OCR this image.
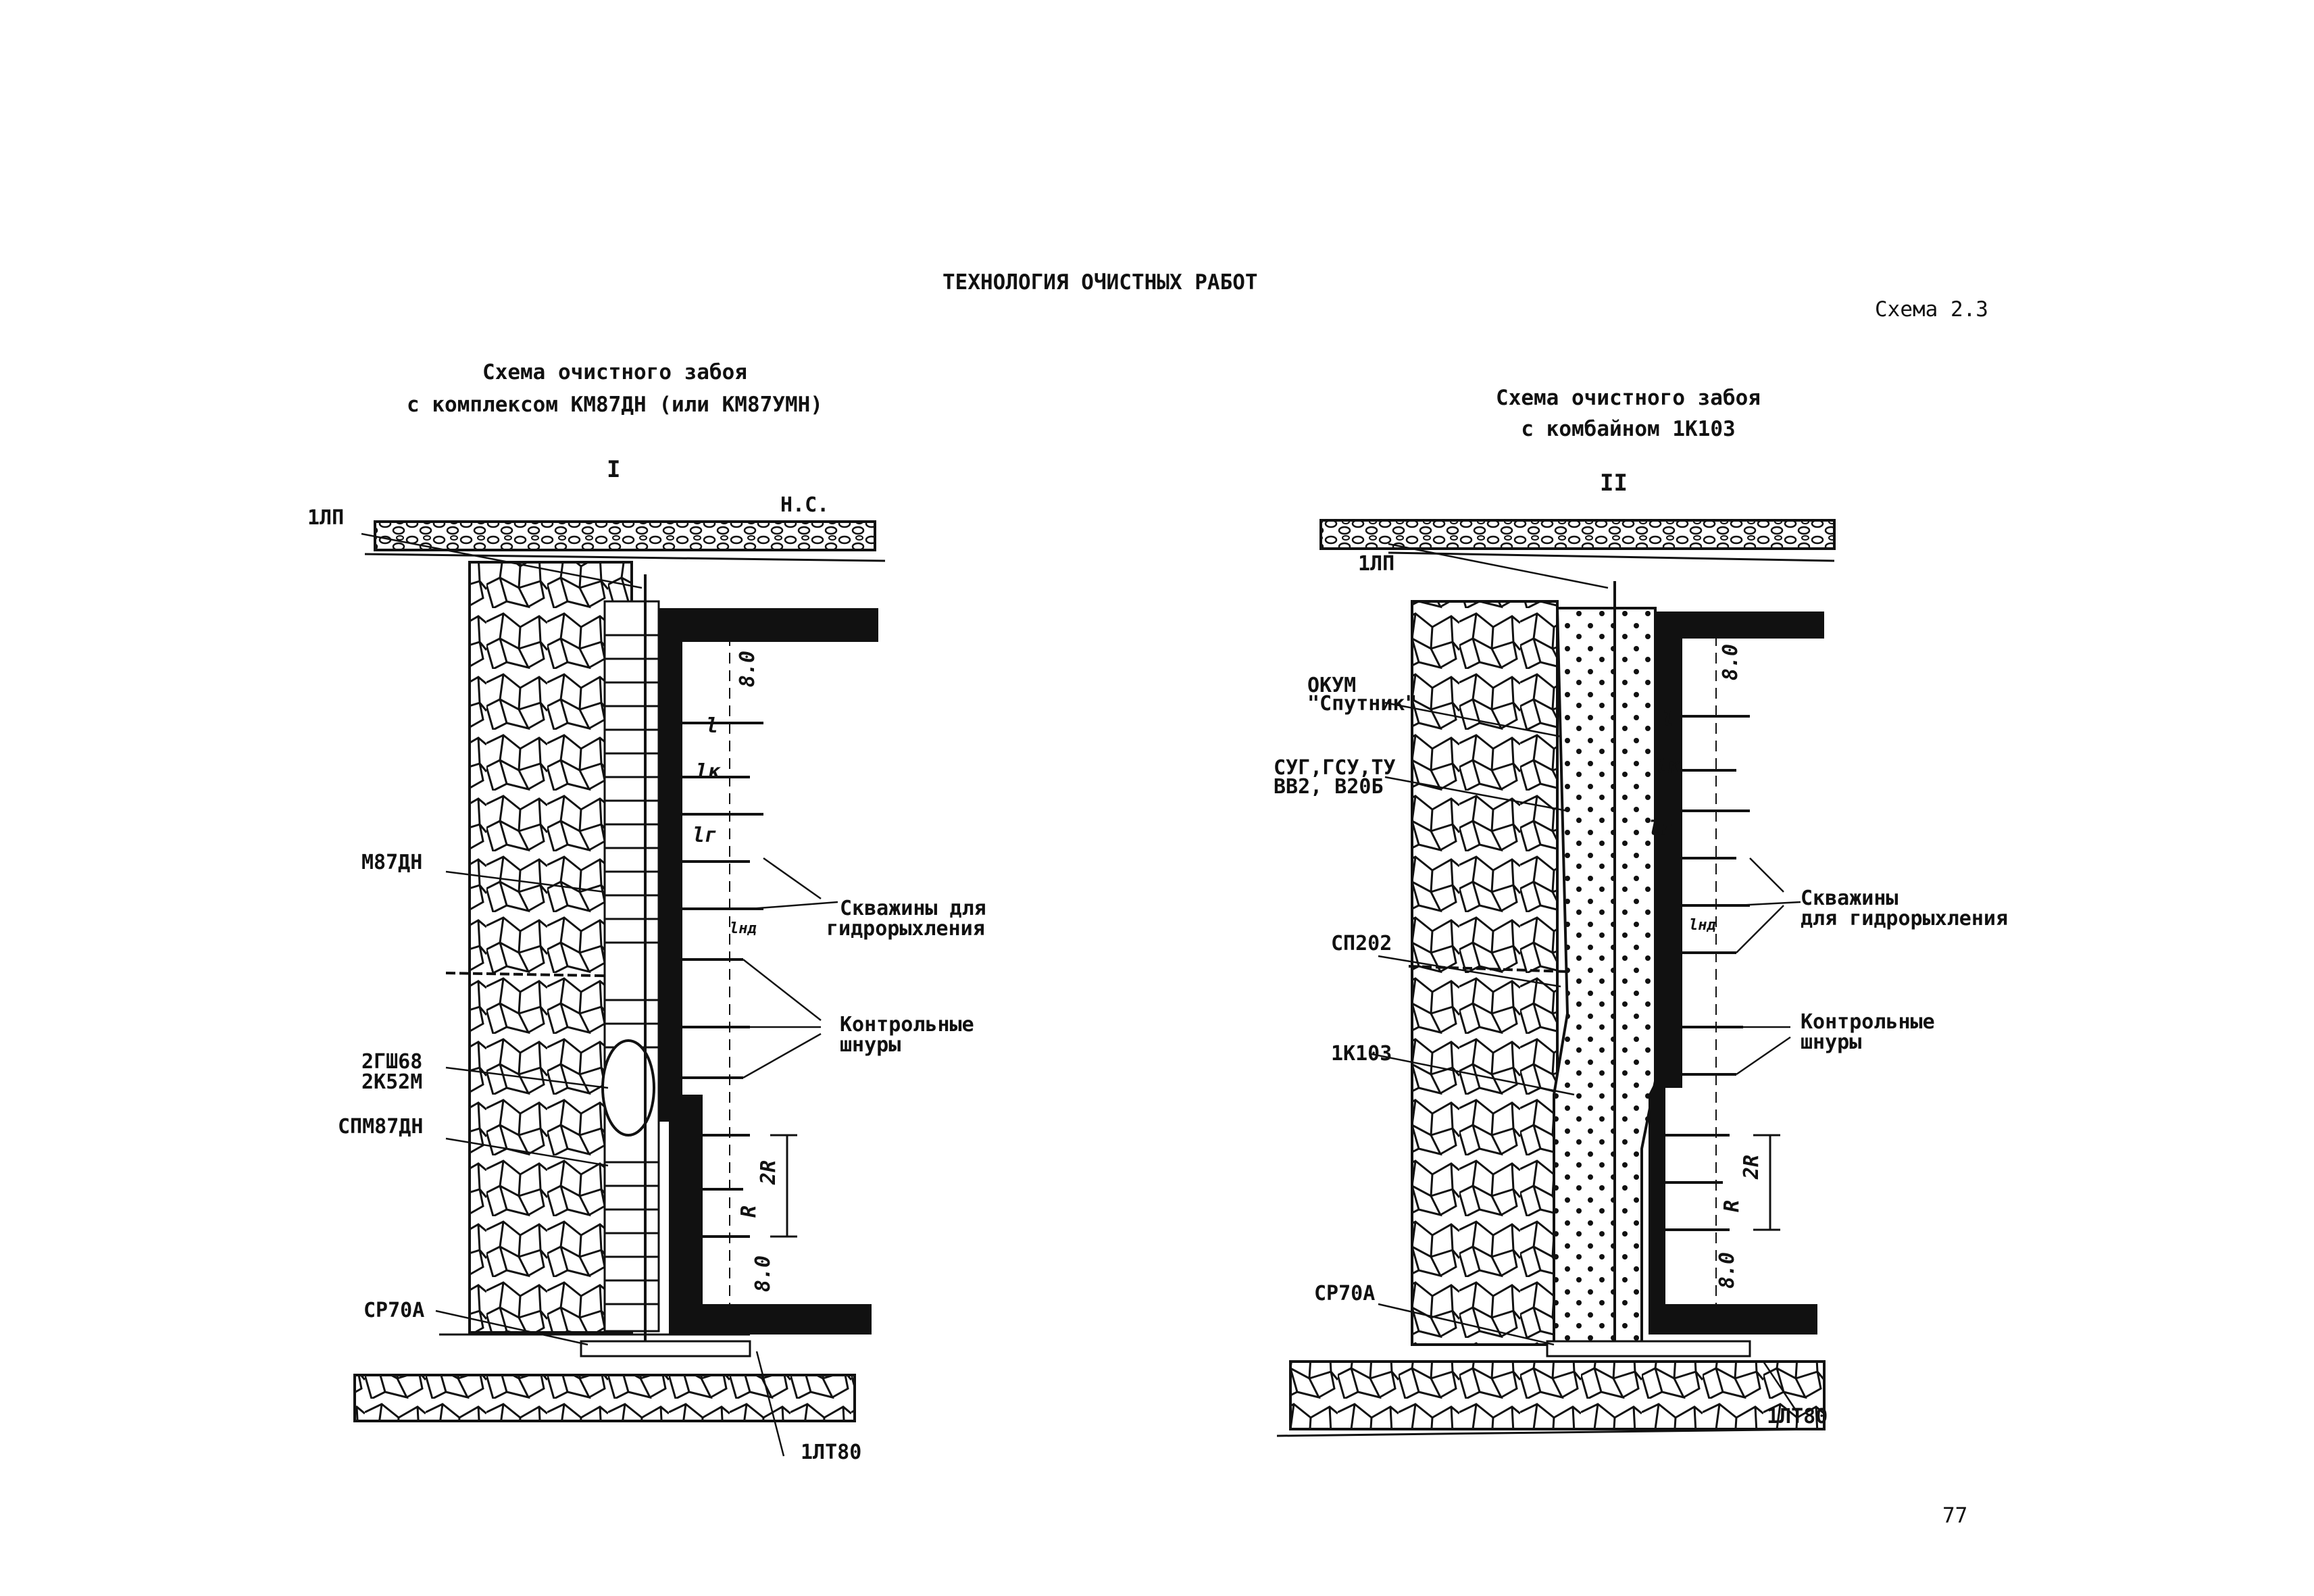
ТЕХНОЛОГИЯ ОЧИСТНЫХ РАБОТ
Схема 2.3
77
Схема очистного забоя
с комплексом КМ87ДН (или КМ87УМН)
I
Схема очистного забоя
с комбайном 1К103
II
1ЛП
Н.С.
М87ДН
2ГШ68
2К52М
СПМ87ДН
СР70А
1ЛТ80
Скважины для
гидрорыхления
Контрольные
шнуры
8.0
l
lк
lг
lнд
2R
R
8.0
1ЛП
ОКУМ
"Спутник"
СУГ,ГСУ,ТУ
ВВ2, В20Б
СП202
1К103
СР70А
1ЛТ80
Скважины
для гидрорыхления
Контрольные
шнуры
8.0
l
lк
lг
lнд
2R
R
8.0
